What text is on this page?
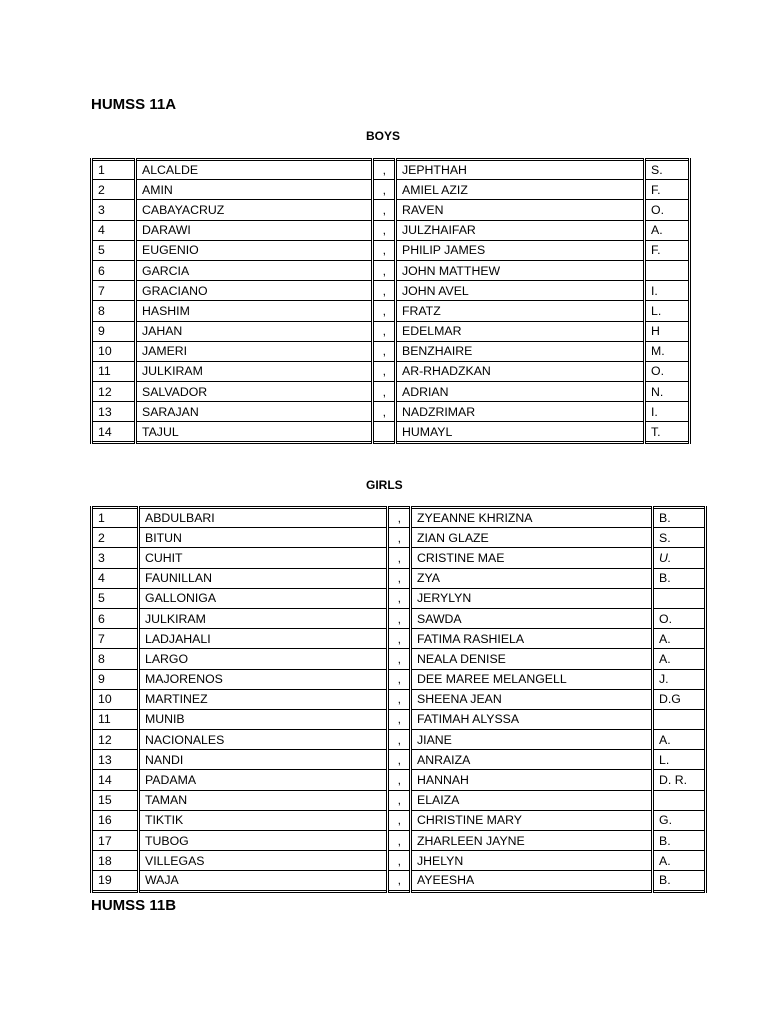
HUMSS 11A
BOYS
1	ALCALDE	,	JEPHTHAH	S.
2	AMIN	,	AMIEL AZIZ	F.
3	CABAYACRUZ	,	RAVEN	O.
4	DARAWI	,	JULZHAIFAR	A.
5	EUGENIO	,	PHILIP JAMES	F.
6	GARCIA	,	JOHN MATTHEW	
7	GRACIANO	,	JOHN AVEL	I.
8	HASHIM	,	FRATZ	L.
9	JAHAN	,	EDELMAR	H
10	JAMERI	,	BENZHAIRE	M.
11	JULKIRAM	,	AR-RHADZKAN	O.
12	SALVADOR	,	ADRIAN	N.
13	SARAJAN	,	NADZRIMAR	I.
14	TAJUL		HUMAYL	T.
GIRLS
1	ABDULBARI	,	ZYEANNE KHRIZNA	B.
2	BITUN	,	ZIAN GLAZE	S.
3	CUHIT	,	CRISTINE MAE	U.
4	FAUNILLAN	,	ZYA	B.
5	GALLONIGA	,	JERYLYN	
6	JULKIRAM	,	SAWDA	O.
7	LADJAHALI	,	FATIMA RASHIELA	A.
8	LARGO	,	NEALA DENISE	A.
9	MAJORENOS	,	DEE MAREE MELANGELL	J.
10	MARTINEZ	,	SHEENA JEAN	D.G
11	MUNIB	,	FATIMAH ALYSSA	
12	NACIONALES	,	JIANE	A.
13	NANDI	,	ANRAIZA	L.
14	PADAMA	,	HANNAH	D. R.
15	TAMAN	,	ELAIZA	
16	TIKTIK	,	CHRISTINE MARY	G.
17	TUBOG	,	ZHARLEEN JAYNE	B.
18	VILLEGAS	,	JHELYN	A.
19	WAJA	,	AYEESHA	B.
HUMSS 11B
